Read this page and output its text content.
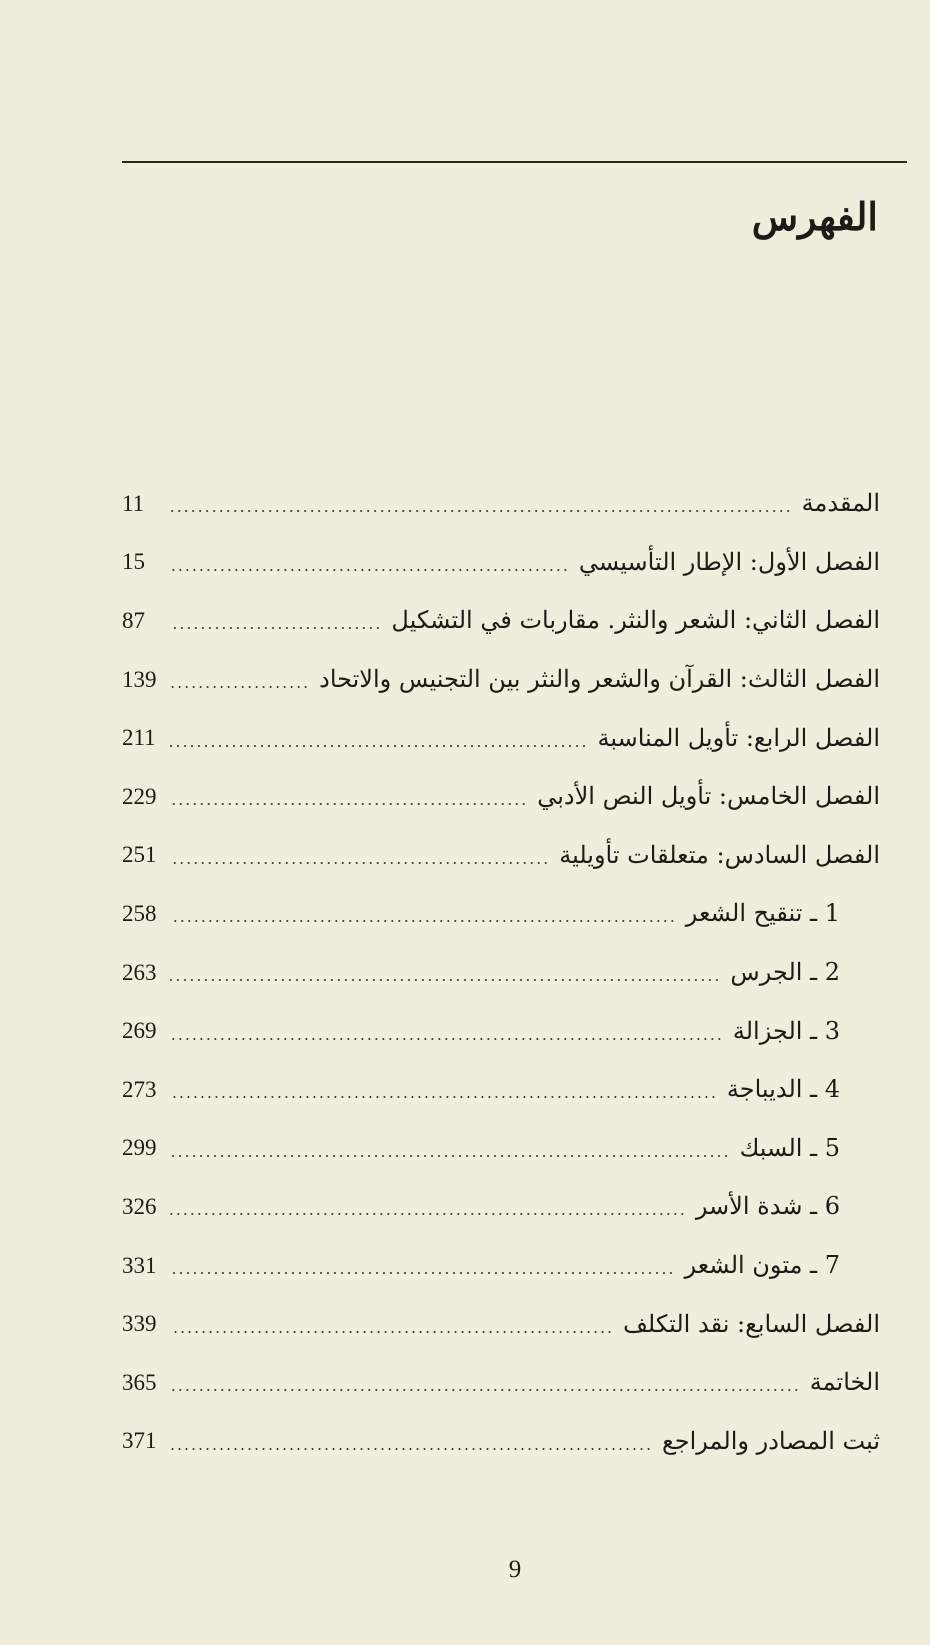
الفهرس
المقدمة
11
الفصل الأول: الإطار التأسيسي
15
الفصل الثاني: الشعر والنثر. مقاربات في التشكيل
87
الفصل الثالث: القرآن والشعر والنثر بين التجنيس والاتحاد
139
الفصل الرابع: تأويل المناسبة
211
الفصل الخامس: تأويل النص الأدبي
229
الفصل السادس: متعلقات تأويلية
251
1 ـ تنقيح الشعر
258
2 ـ الجرس
263
3 ـ الجزالة
269
4 ـ الديباجة
273
5 ـ السبك
299
6 ـ شدة الأسر
326
7 ـ متون الشعر
331
الفصل السابع: نقد التكلف
339
الخاتمة
365
ثبت المصادر والمراجع
371
9
